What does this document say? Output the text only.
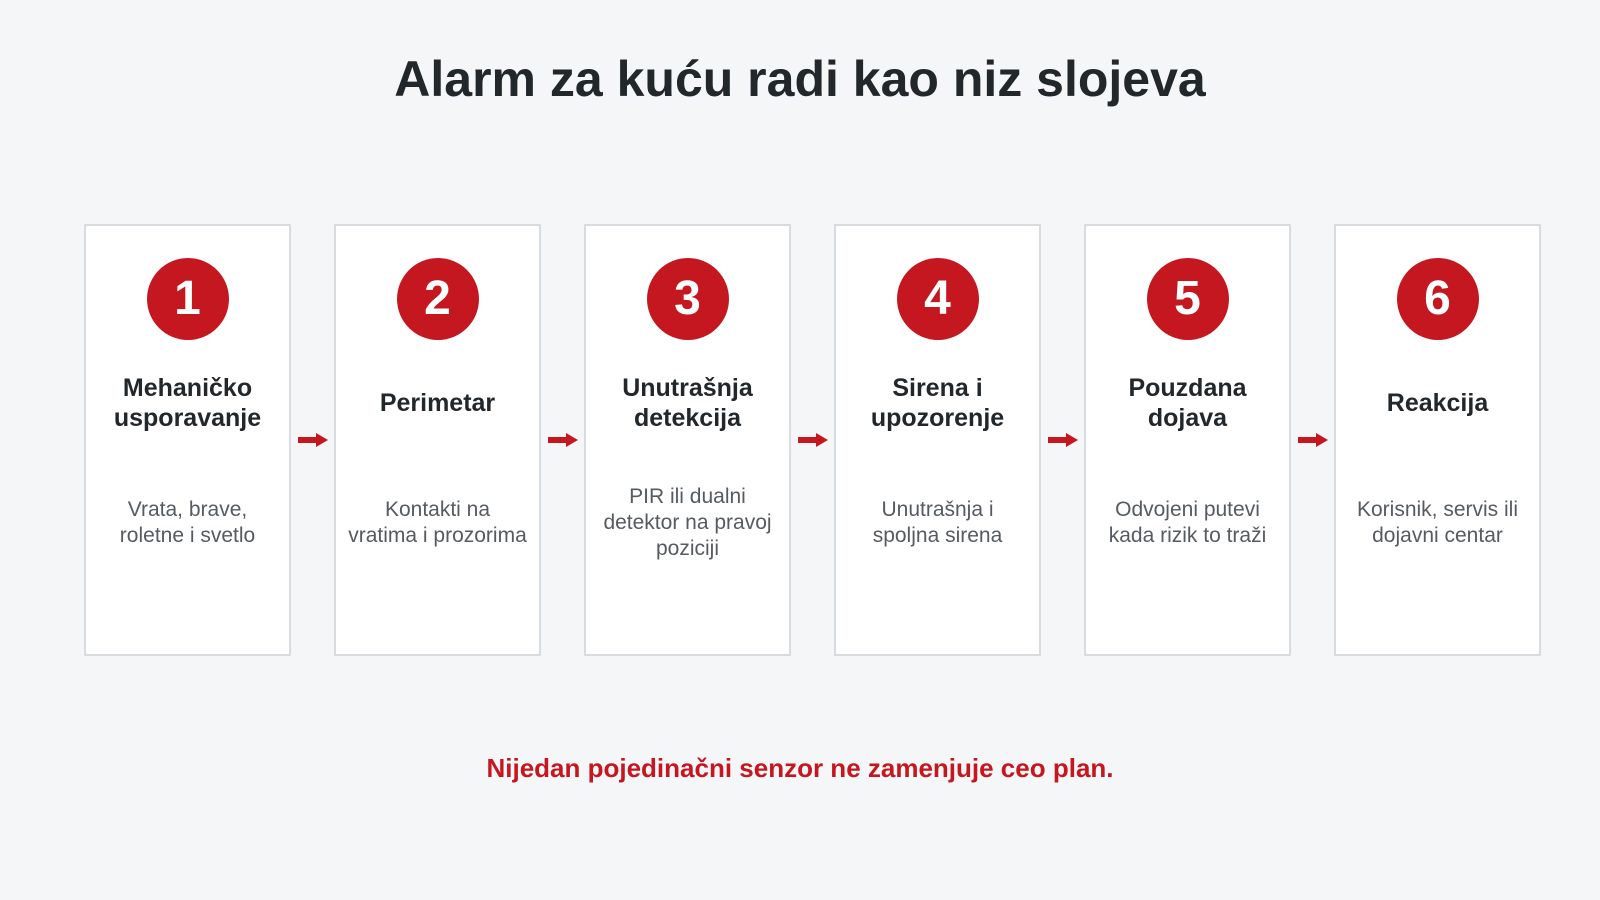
Alarm za kuću radi kao niz slojeva
1
Mehaničko usporavanje
Vrata, brave, roletne i svetlo
2
Perimetar
Kontakti na vratima i prozorima
3
Unutrašnja detekcija
PIR ili dualni detektor na pravoj poziciji
4
Sirena i upozorenje
Unutrašnja i spoljna sirena
5
Pouzdana dojava
Odvojeni putevi kada rizik to traži
6
Reakcija
Korisnik, servis ili dojavni centar
Nijedan pojedinačni senzor ne zamenjuje ceo plan.
